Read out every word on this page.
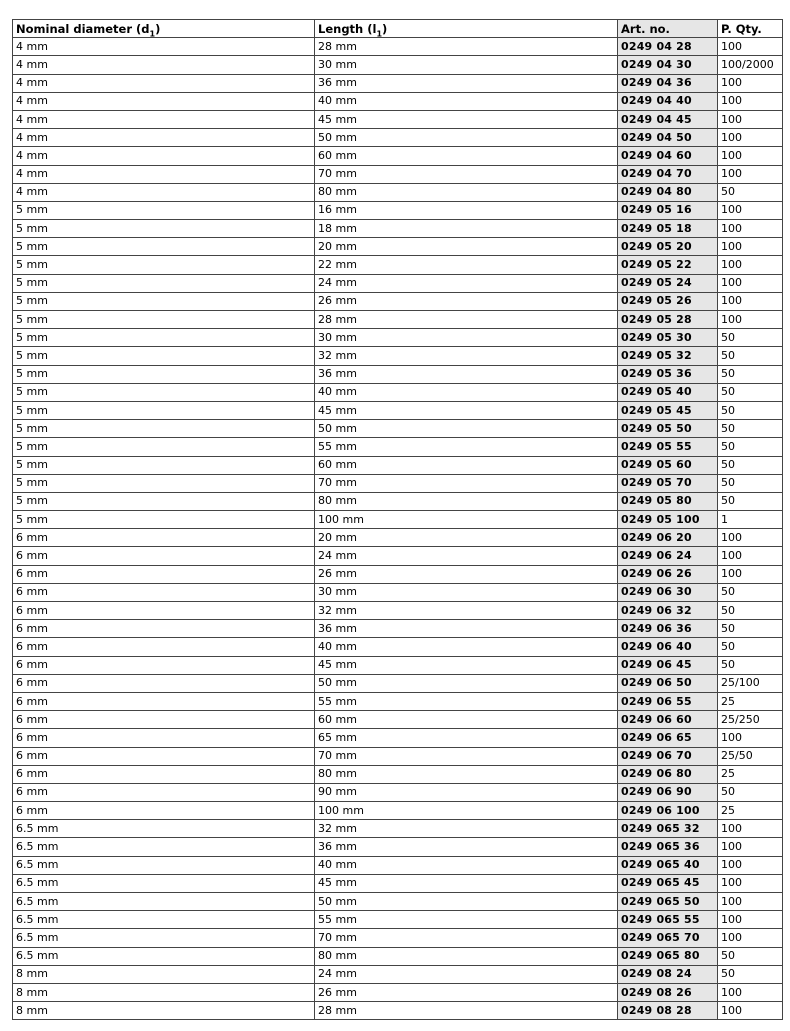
Nominal diameter $(d_1)$	Length $(l_1)$	Art. no.	P. Qty.
4 mm	28 mm	0249 04 28	100
4 mm	30 mm	0249 04 30	100/2000
4 mm	36 mm	0249 04 36	100
4 mm	40 mm	0249 04 40	100
4 mm	45 mm	0249 04 45	100
4 mm	50 mm	0249 04 50	100
4 mm	60 mm	0249 04 60	100
4 mm	70 mm	0249 04 70	100
4 mm	80 mm	0249 04 80	50
5 mm	16 mm	0249 05 16	100
5 mm	18 mm	0249 05 18	100
5 mm	20 mm	0249 05 20	100
5 mm	22 mm	0249 05 22	100
5 mm	24 mm	0249 05 24	100
5 mm	26 mm	0249 05 26	100
5 mm	28 mm	0249 05 28	100
5 mm	30 mm	0249 05 30	50
5 mm	32 mm	0249 05 32	50
5 mm	36 mm	0249 05 36	50
5 mm	40 mm	0249 05 40	50
5 mm	45 mm	0249 05 45	50
5 mm	50 mm	0249 05 50	50
5 mm	55 mm	0249 05 55	50
5 mm	60 mm	0249 05 60	50
5 mm	70 mm	0249 05 70	50
5 mm	80 mm	0249 05 80	50
5 mm	100 mm	0249 05 100	1
6 mm	20 mm	0249 06 20	100
6 mm	24 mm	0249 06 24	100
6 mm	26 mm	0249 06 26	100
6 mm	30 mm	0249 06 30	50
6 mm	32 mm	0249 06 32	50
6 mm	36 mm	0249 06 36	50
6 mm	40 mm	0249 06 40	50
6 mm	45 mm	0249 06 45	50
6 mm	50 mm	0249 06 50	25/100
6 mm	55 mm	0249 06 55	25
6 mm	60 mm	0249 06 60	25/250
6 mm	65 mm	0249 06 65	100
6 mm	70 mm	0249 06 70	25/50
6 mm	80 mm	0249 06 80	25
6 mm	90 mm	0249 06 90	50
6 mm	100 mm	0249 06 100	25
6.5 mm	32 mm	0249 065 32	100
6.5 mm	36 mm	0249 065 36	100
6.5 mm	40 mm	0249 065 40	100
6.5 mm	45 mm	0249 065 45	100
6.5 mm	50 mm	0249 065 50	100
6.5 mm	55 mm	0249 065 55	100
6.5 mm	70 mm	0249 065 70	100
6.5 mm	80 mm	0249 065 80	50
8 mm	24 mm	0249 08 24	50
8 mm	26 mm	0249 08 26	100
8 mm	28 mm	0249 08 28	100
